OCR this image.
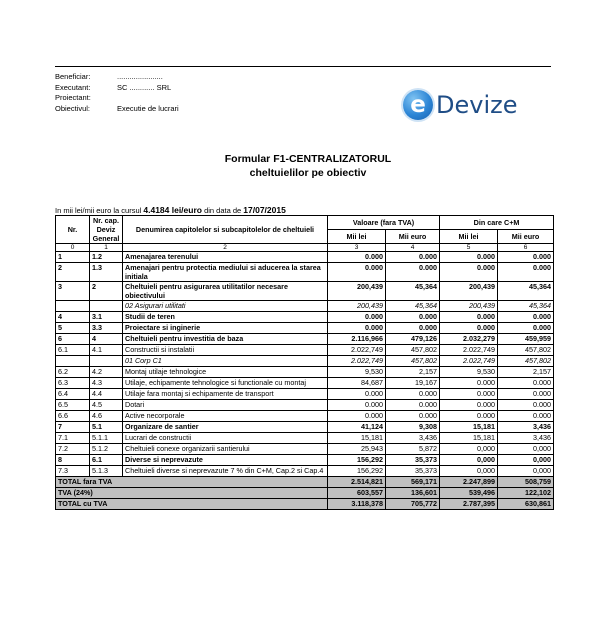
Beneficiar:	......................
Executant:	SC ............ SRL
Proiectant:
Obiectivul:	Executie de lucrari	e Devize
Formular F1-CENTRALIZATORUL
cheltuielilor pe obiectiv
In mii lei/mii euro la cursul 4.4184 lei/euro din data de 17/07/2015
Nr.	Nr. cap. Deviz General	Denumirea capitolelor si subcapitolelor de cheltuieli	Valoare (fara TVA)		Din care C+M	
			Mii lei	Mii euro	Mii lei	Mii euro
0	1	2	3	4	5	6
1	1.2	Amenajarea terenului	0.000	0.000	0.000	0.000
2	1.3	Amenajari pentru protectia mediului si aducerea la starea initiala	0.000	0.000	0.000	0.000
3	2	Cheltuieli pentru asigurarea utilitatilor necesare obiectivului	200,439	45,364	200,439	45,364
		02 Asigurari utilitati	200,439	45,364	200,439	45,364
4	3.1	Studii de teren	0.000	0.000	0.000	0.000
5	3.3	Proiectare si inginerie	0.000	0.000	0.000	0.000
6	4	Cheltuieli pentru investitia de baza	2.116,966	479,126	2.032,279	459,959
6.1	4.1	Constructii si instalatii	2.022,749	457,802	2.022,749	457,802
		01 Corp C1	2.022,749	457,802	2.022,749	457,802
6.2	4.2	Montaj utilaje tehnologice	9,530	2,157	9,530	2,157
6.3	4.3	Utilaje, echipamente tehnologice si functionale cu montaj	84,687	19,167	0.000	0.000
6.4	4.4	Utilaje fara montaj si echipamente de transport	0.000	0.000	0.000	0.000
6.5	4.5	Dotari	0.000	0.000	0.000	0.000
6.6	4.6	Active necorporale	0.000	0.000	0.000	0.000
7	5.1	Organizare de santier	41,124	9,308	15,181	3,436
7.1	5.1.1	Lucrari de constructii	15,181	3,436	15,181	3,436
7.2	5.1.2	Cheltuieli conexe organizarii santierului	25,943	5,872	0,000	0,000
8	6.1	Diverse si neprevazute	156,292	35,373	0,000	0,000
7.3	5.1.3	Cheltuieli diverse si neprevazute 7 % din C+M, Cap.2 si Cap.4	156,292	35,373	0,000	0,000
TOTAL fara TVA			2.514,821	569,171	2.247,899	508,759
TVA (24%)			603,557	136,601	539,496	122,102
TOTAL cu TVA			3.118,378	705,772	2.787,395	630,861
